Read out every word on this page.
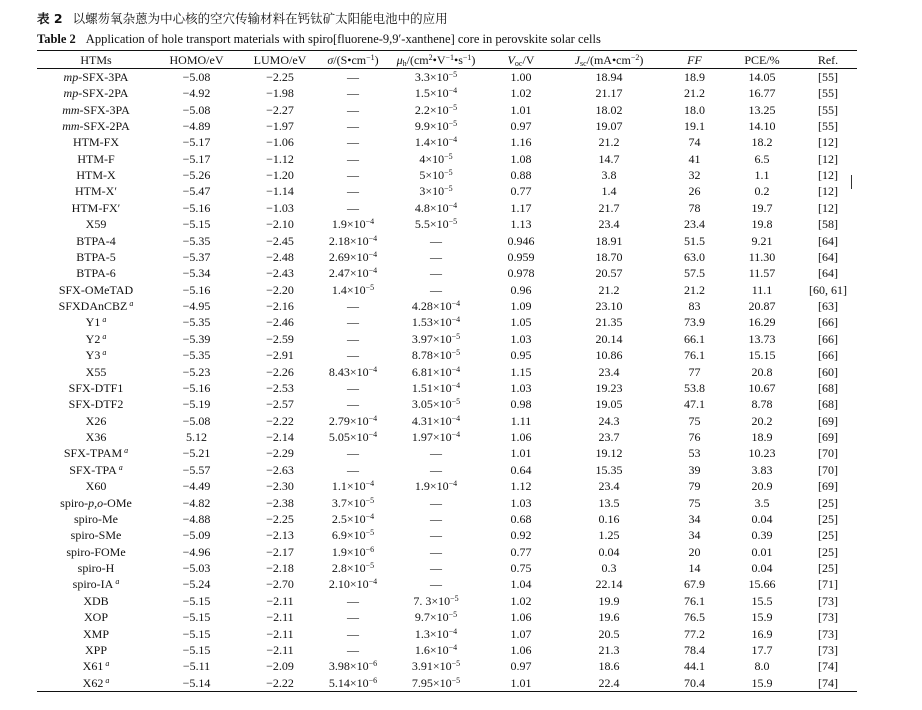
表 2 以螺芴氧杂蒽为中心核的空穴传输材料在钙钛矿太阳能电池中的应用
Table 2 Application of hole transport materials with spiro[fluorene-9,9′-xanthene] core in perovskite solar cells
HTMs	HOMO/eV	LUMO/eV	$\sigma/(S•cm^{-1})$	$\mu_h/(cm^2•V^{-1}•s^{-1})$	$V_{oc}/V$	$J_{sc}/(mA•cm^{-2})$	FF	PCE/%	Ref.
mp-SFX-3PA	−5.08	−2.25	—	$3.3\times 10^{-5}$	1.00	18.94	18.9	14.05	[55]
mp-SFX-2PA	−4.92	−1.98	—	$1.5\times 10^{-4}$	1.02	21.17	21.2	16.77	[55]
mm-SFX-3PA	−5.08	−2.27	—	$2.2\times 10^{-5}$	1.01	18.02	18.0	13.25	[55]
mm-SFX-2PA	−4.89	−1.97	—	$9.9\times 10^{-5}$	0.97	19.07	19.1	14.10	[55]
HTM-FX	−5.17	−1.06	—	$1.4\times 10^{-4}$	1.16	21.2	74	18.2	[12]
HTM-F	−5.17	−1.12	—	$4\times 10^{-5}$	1.08	14.7	41	6.5	[12]
HTM-X	−5.26	−1.20	—	$5\times 10^{-5}$	0.88	3.8	32	1.1	[12]
HTM-X′	−5.47	−1.14	—	$3\times 10^{-5}$	0.77	1.4	26	0.2	[12]
HTM-FX′	−5.16	−1.03	—	$4.8\times 10^{-4}$	1.17	21.7	78	19.7	[12]
X59	−5.15	−2.10	$1.9\times 10^{-4}$	$5.5\times 10^{-5}$	1.13	23.4	23.4	19.8	[58]
BTPA-4	−5.35	−2.45	$2.18\times 10^{-4}$	—	0.946	18.91	51.5	9.21	[64]
BTPA-5	−5.37	−2.48	$2.69\times 10^{-4}$	—	0.959	18.70	63.0	11.30	[64]
BTPA-6	−5.34	−2.43	$2.47\times 10^{-4}$	—	0.978	20.57	57.5	11.57	[64]
SFX-OMeTAD	−5.16	−2.20	$1.4\times 10^{-5}$	—	0.96	21.2	21.2	11.1	[60, 61]
SFXDAnCBZ $^a$	−4.95	−2.16	—	$4.28\times 10^{-4}$	1.09	23.10	83	20.87	[63]
Y1 $^a$	−5.35	−2.46	—	$1.53\times 10^{-4}$	1.05	21.35	73.9	16.29	[66]
Y2 $^a$	−5.39	−2.59	—	$3.97\times 10^{-5}$	1.03	20.14	66.1	13.73	[66]
Y3 $^a$	−5.35	−2.91	—	$8.78\times 10^{-5}$	0.95	10.86	76.1	15.15	[66]
X55	−5.23	−2.26	$8.43\times 10^{-4}$	$6.81\times 10^{-4}$	1.15	23.4	77	20.8	[60]
SFX-DTF1	−5.16	−2.53	—	$1.51\times 10^{-4}$	1.03	19.23	53.8	10.67	[68]
SFX-DTF2	−5.19	−2.57	—	$3.05\times 10^{-5}$	0.98	19.05	47.1	8.78	[68]
X26	−5.08	−2.22	$2.79\times 10^{-4}$	$4.31\times 10^{-4}$	1.11	24.3	75	20.2	[69]
X36	5.12	−2.14	$5.05\times 10^{-4}$	$1.97\times 10^{-4}$	1.06	23.7	76	18.9	[69]
SFX-TPAM $^a$	−5.21	−2.29	—	—	1.01	19.12	53	10.23	[70]
SFX-TPA $^a$	−5.57	−2.63	—	—	0.64	15.35	39	3.83	[70]
X60	−4.49	−2.30	$1.1\times 10^{-4}$	$1.9\times 10^{-4}$	1.12	23.4	79	20.9	[69]
spiro-p,o-OMe	−4.82	−2.38	$3.7\times 10^{-5}$	—	1.03	13.5	75	3.5	[25]
spiro-Me	−4.88	−2.25	$2.5\times 10^{-4}$	—	0.68	0.16	34	0.04	[25]
spiro-SMe	−5.09	−2.13	$6.9\times 10^{-5}$	—	0.92	1.25	34	0.39	[25]
spiro-FOMe	−4.96	−2.17	$1.9\times 10^{-6}$	—	0.77	0.04	20	0.01	[25]
spiro-H	−5.03	−2.18	$2.8\times 10^{-5}$	—	0.75	0.3	14	0.04	[25]
spiro-IA $^a$	−5.24	−2.70	$2.10\times 10^{-4}$	—	1.04	22.14	67.9	15.66	[71]
XDB	−5.15	−2.11	—	7. $3\times 10^{-5}$	1.02	19.9	76.1	15.5	[73]
XOP	−5.15	−2.11	—	$9.7\times 10^{-5}$	1.06	19.6	76.5	15.9	[73]
XMP	−5.15	−2.11	—	$1.3\times 10^{-4}$	1.07	20.5	77.2	16.9	[73]
XPP	−5.15	−2.11	—	$1.6\times 10^{-4}$	1.06	21.3	78.4	17.7	[73]
X61 $^a$	−5.11	−2.09	$3.98\times 10^{-6}$	$3.91\times 10^{-5}$	0.97	18.6	44.1	8.0	[74]
X62 $^a$	−5.14	−2.22	$5.14\times 10^{-6}$	$7.95\times 10^{-5}$	1.01	22.4	70.4	15.9	[74]
